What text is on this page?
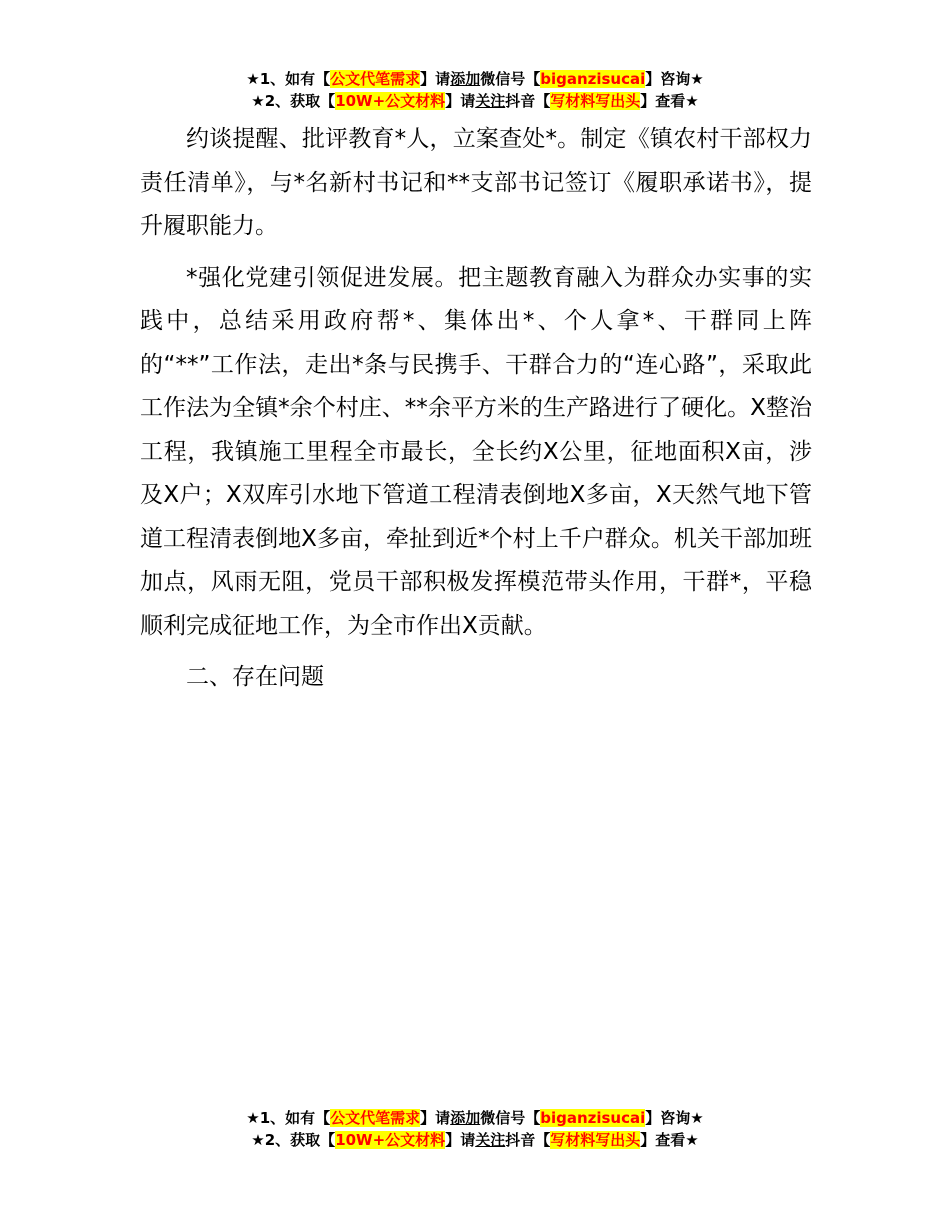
★1、如有【公文代笔需求】请添加微信号【biganzisucai】咨询★
★2、获取【10W+公文材料】请关注抖音【写材料写出头】查看★

约谈提醒、批评教育*人，立案查处*。制定《镇农村干部权力责任清单》，与*名新村书记和**支部书记签订《履职承诺书》，提升履职能力。

*强化党建引领促进发展。把主题教育融入为群众办实事的实践中，总结采用政府帮*、集体出*、个人拿*、干群同上阵的“**”工作法，走出*条与民携手、干群合力的“连心路”，采取此工作法为全镇*余个村庄、**余平方米的生产路进行了硬化。X整治工程，我镇施工里程全市最长，全长约X公里，征地面积X亩，涉及X户；X双库引水地下管道工程清表倒地X多亩，X天然气地下管道工程清表倒地X多亩，牵扯到近*个村上千户群众。机关干部加班加点，风雨无阻，党员干部积极发挥模范带头作用，干群*，平稳顺利完成征地工作，为全市作出X贡献。

二、存在问题

★1、如有【公文代笔需求】请添加微信号【biganzisucai】咨询★
★2、获取【10W+公文材料】请关注抖音【写材料写出头】查看★
